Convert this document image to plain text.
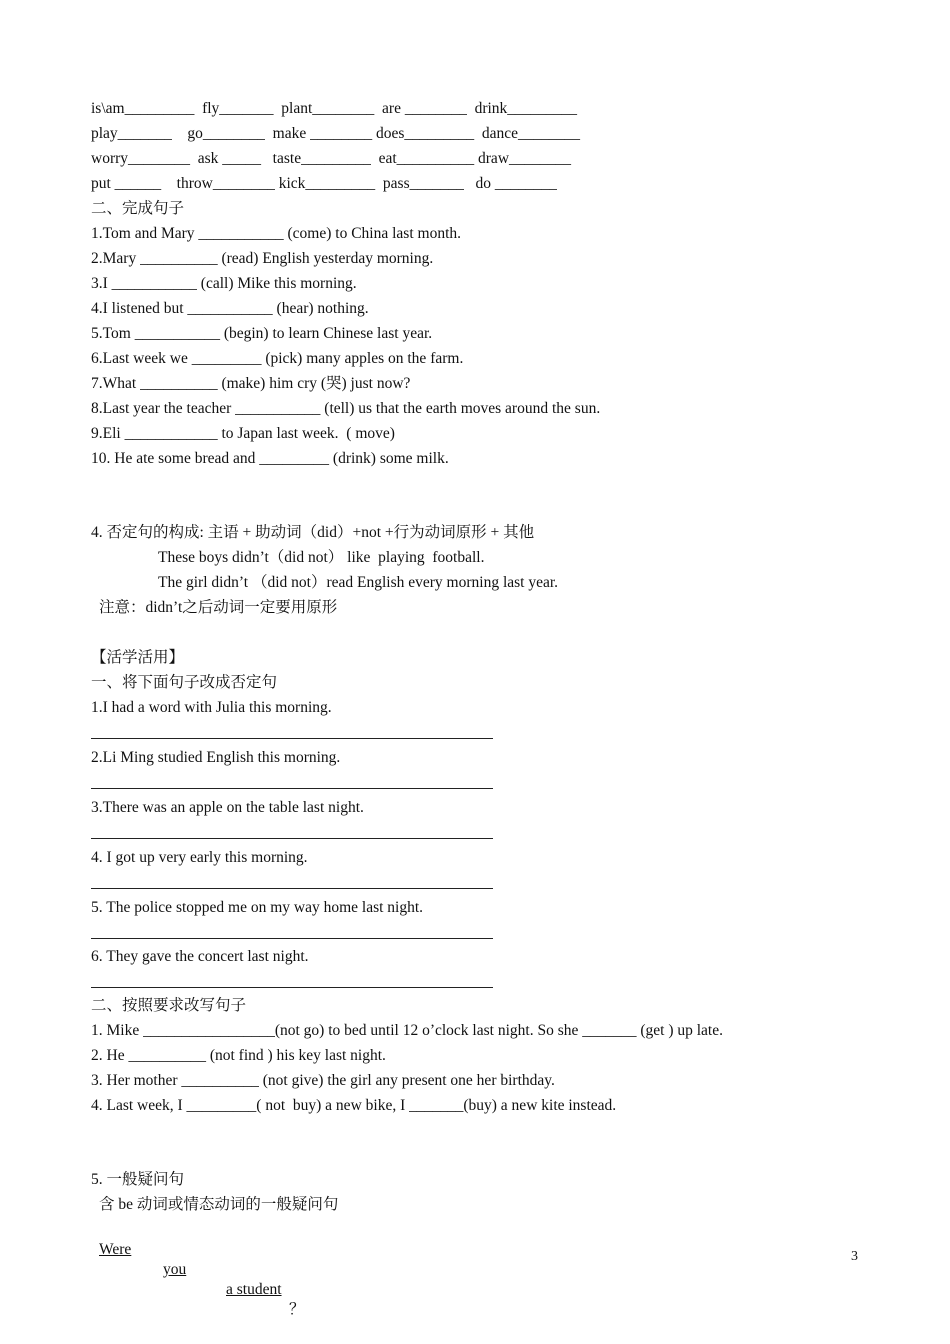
is\am_________  fly_______  plant________  are ________  drink_________
play_______    go________  make ________ does_________  dance________
worry________  ask _____   taste_________  eat__________ draw________
put ______    throw________ kick_________  pass_______   do ________
二、完成句子
1.Tom and Mary ___________ (come) to China last month.
2.Mary __________ (read) English yesterday morning.
3.I ___________ (call) Mike this morning.
4.I listened but ___________ (hear) nothing.
5.Tom ___________ (begin) to learn Chinese last year.
6.Last week we _________ (pick) many apples on the farm.
7.What __________ (make) him cry (哭) just now?
8.Last year the teacher ___________ (tell) us that the earth moves around the sun.
9.Eli ____________ to Japan last week.  ( move)
10. He ate some bread and _________ (drink) some milk.
4. 否定句的构成: 主语 + 助动词（did）+not +行为动词原形 + 其他
These boys didn’t（did not） like  playing  football.
The girl didn’t （did not）read English every morning last year.
注意：didn’t之后动词一定要用原形
【活学活用】
一、将下面句子改成否定句
1.I had a word with Julia this morning.
2.Li Ming studied English this morning.
3.There was an apple on the table last night.
4. I got up very early this morning.
5. The police stopped me on my way home last night.
6. They gave the concert last night.
二、按照要求改写句子
1. Mike _________________(not go) to bed until 12 o’clock last night. So she _______ (get ) up late.
2. He __________ (not find ) his key last night.
3. Her mother __________ (not give) the girl any present one her birthday.
4. Last week, I _________( not  buy) a new bike, I _______(buy) a new kite instead.
5. 一般疑问句
含 be 动词或情态动词的一般疑问句

Were

you

a student

？

3
